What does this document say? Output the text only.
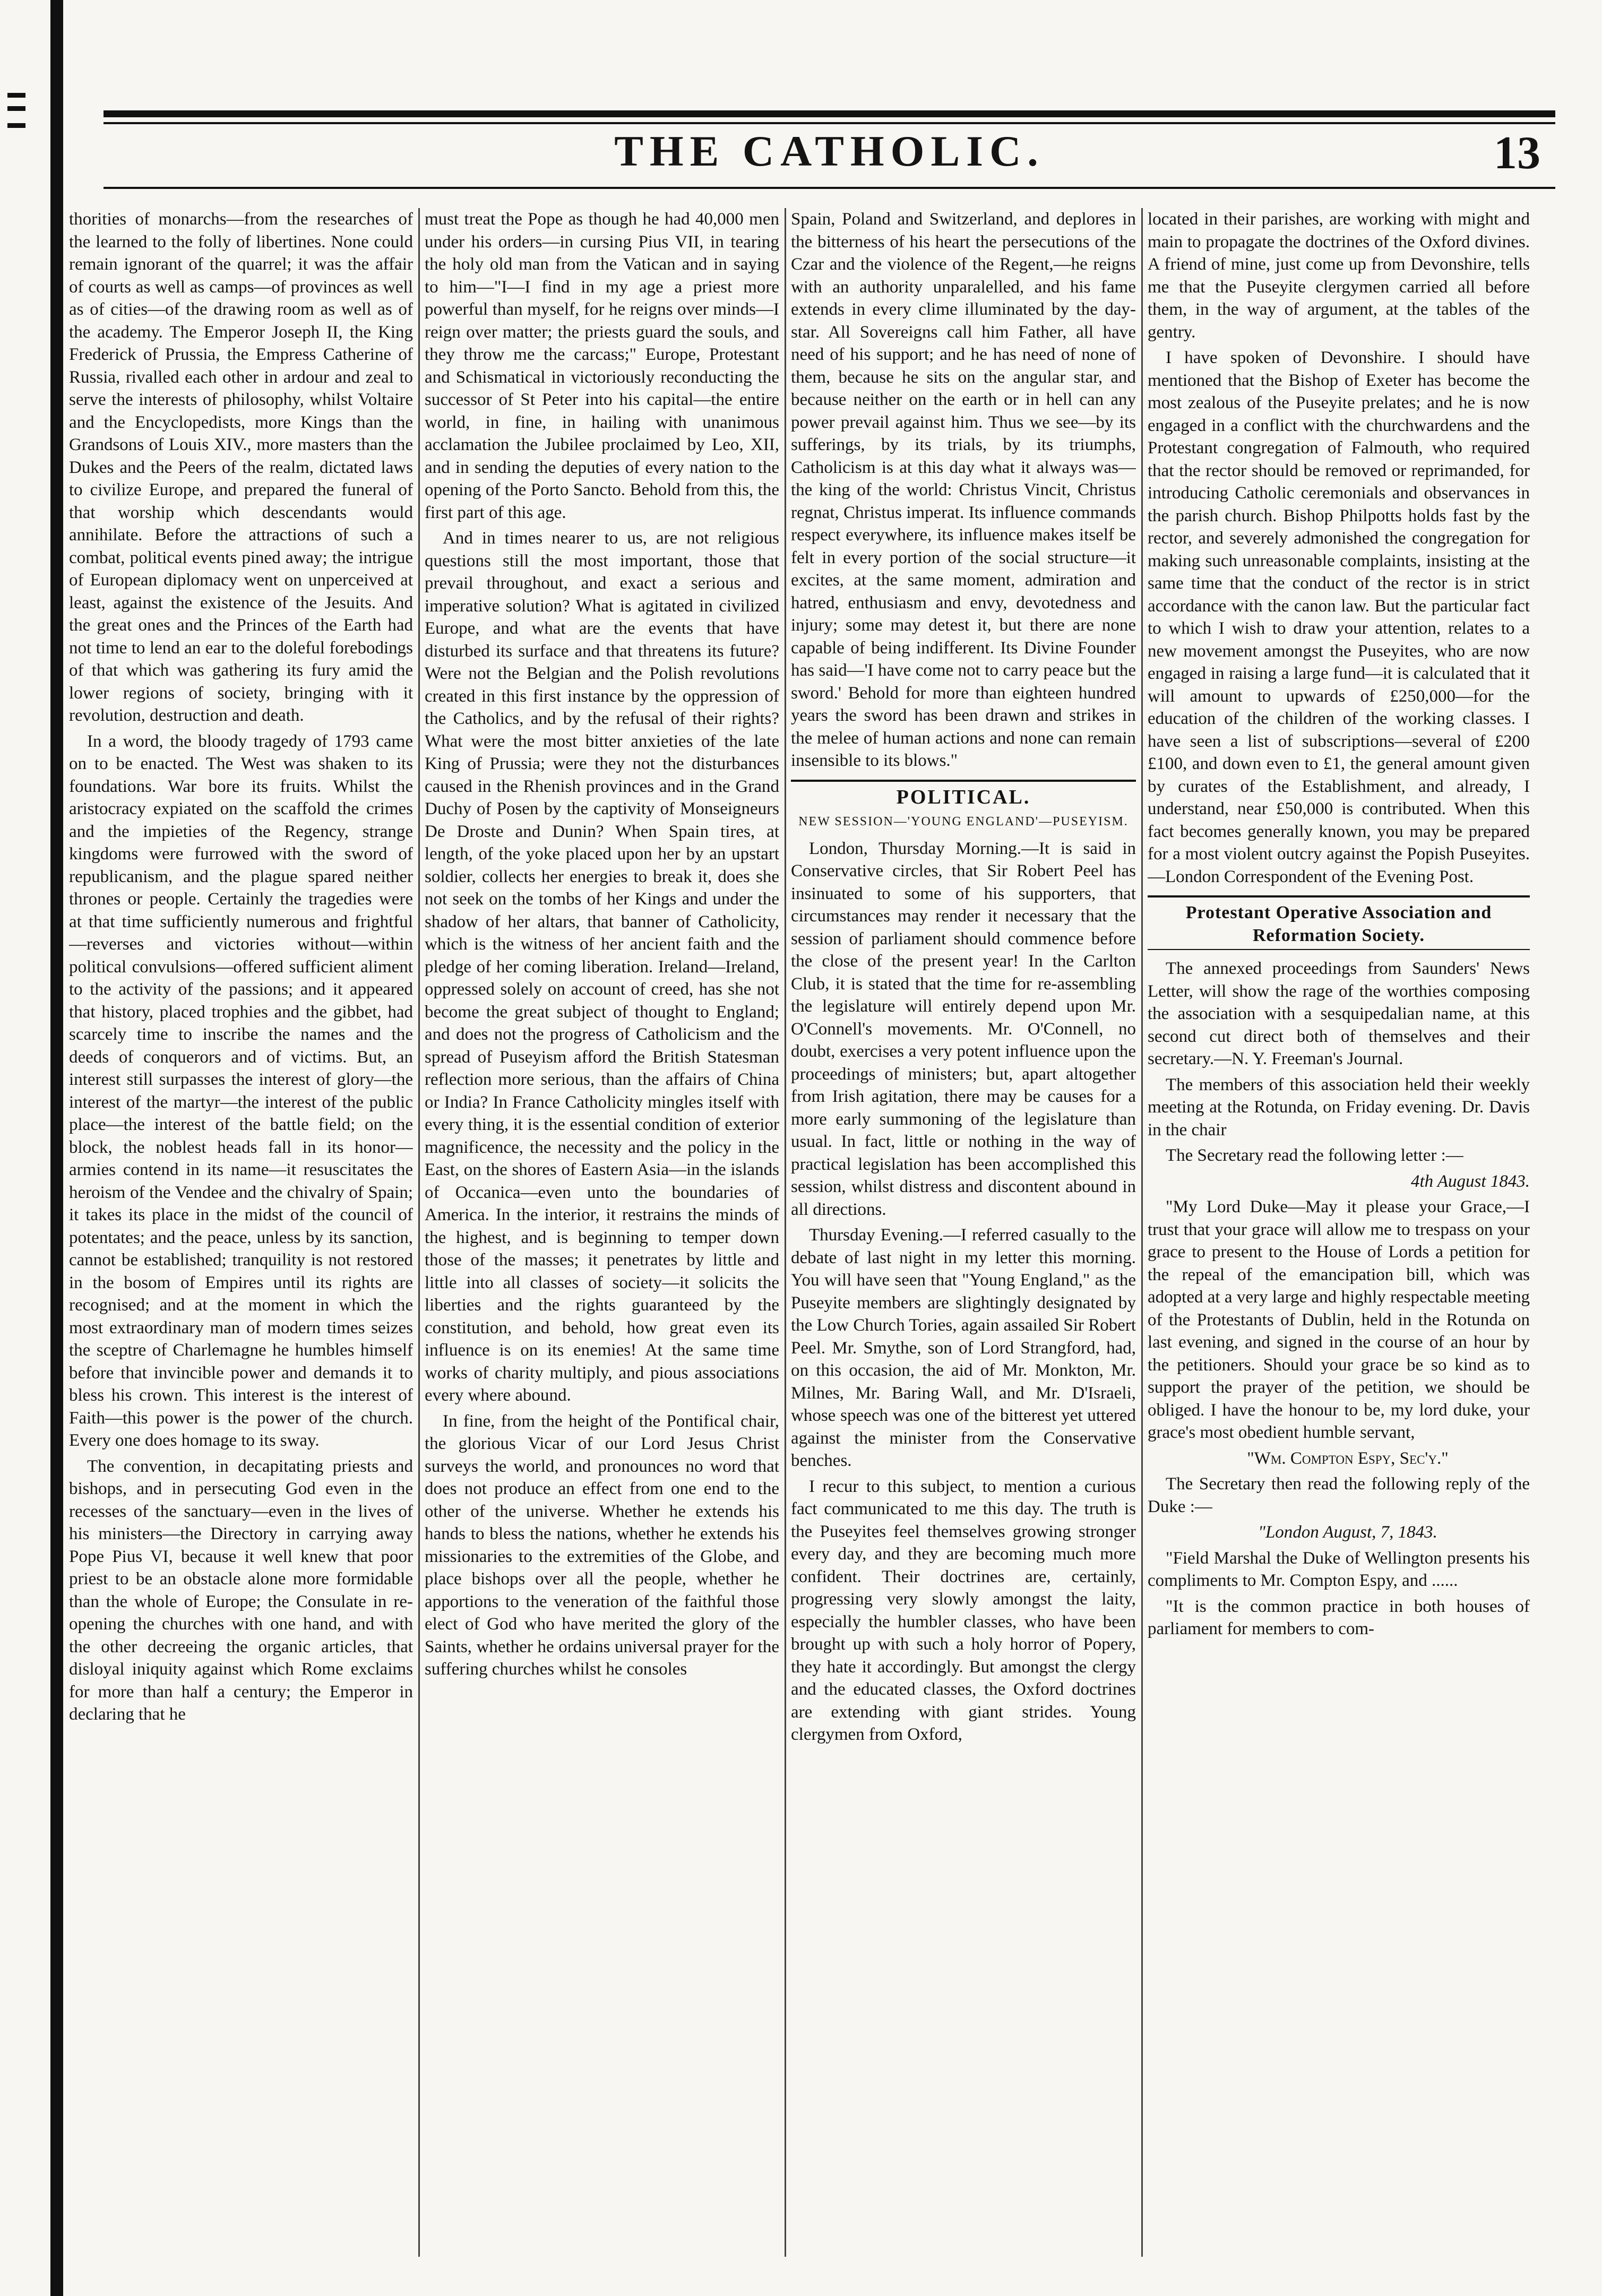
THE CATHOLIC.	13

thorities of monarchs—from the researches of the learned to the folly of libertines. None could remain ignorant of the quarrel; it was the affair of courts as well as camps—of provinces as well as of cities—of the drawing room as well as of the academy. The Emperor Joseph II, the King Frederick of Prussia, the Empress Catherine of Russia, rivalled each other in ardour and zeal to serve the interests of philosophy, whilst Voltaire and the Encyclopedists, more Kings than the Grandsons of Louis XIV., more masters than the Dukes and the Peers of the realm, dictated laws to civilize Europe, and prepared the funeral of that worship which descendants would annihilate. Before the attractions of such a combat, political events pined away; the intrigue of European diplomacy went on unperceived at least, against the existence of the Jesuits. And the great ones and the Princes of the Earth had not time to lend an ear to the doleful forebodings of that which was gathering its fury amid the lower regions of society, bringing with it revolution, destruction and death.

In a word, the bloody tragedy of 1793 came on to be enacted. The West was shaken to its foundations. War bore its fruits. Whilst the aristocracy expiated on the scaffold the crimes and the impieties of the Regency, strange kingdoms were furrowed with the sword of republicanism, and the plague spared neither thrones or people. Certainly the tragedies were at that time sufficiently numerous and frightful—reverses and victories without—within political convulsions—offered sufficient aliment to the activity of the passions; and it appeared that history, placed trophies and the gibbet, had scarcely time to inscribe the names and the deeds of conquerors and of victims. But, an interest still surpasses the interest of glory—the interest of the martyr—the interest of the public place—the interest of the battle field; on the block, the noblest heads fall in its honor—armies contend in its name—it resuscitates the heroism of the Vendee and the chivalry of Spain; it takes its place in the midst of the council of potentates; and the peace, unless by its sanction, cannot be established; tranquility is not restored in the bosom of Empires until its rights are recognised; and at the moment in which the most extraordinary man of modern times seizes the sceptre of Charlemagne he humbles himself before that invincible power and demands it to bless his crown. This interest is the interest of Faith—this power is the power of the church. Every one does homage to its sway.

The convention, in decapitating priests and bishops, and in persecuting God even in the recesses of the sanctuary—even in the lives of his ministers—the Directory in carrying away Pope Pius VI, because it well knew that poor priest to be an obstacle alone more formidable than the whole of Europe; the Consulate in re-opening the churches with one hand, and with the other decreeing the organic articles, that disloyal iniquity against which Rome exclaims for more than half a century; the Emperor in declaring that he

must treat the Pope as though he had 40,000 men under his orders—in cursing Pius VII, in tearing the holy old man from the Vatican and in saying to him—"I—I find in my age a priest more powerful than myself, for he reigns over minds—I reign over matter; the priests guard the souls, and they throw me the carcass;" Europe, Protestant and Schismatical in victoriously reconducting the successor of St Peter into his capital—the entire world, in fine, in hailing with unanimous acclamation the Jubilee proclaimed by Leo, XII, and in sending the deputies of every nation to the opening of the Porto Sancto. Behold from this, the first part of this age.

And in times nearer to us, are not religious questions still the most important, those that prevail throughout, and exact a serious and imperative solution? What is agitated in civilized Europe, and what are the events that have disturbed its surface and that threatens its future? Were not the Belgian and the Polish revolutions created in this first instance by the oppression of the Catholics, and by the refusal of their rights? What were the most bitter anxieties of the late King of Prussia; were they not the disturbances caused in the Rhenish provinces and in the Grand Duchy of Posen by the captivity of Monseigneurs De Droste and Dunin? When Spain tires, at length, of the yoke placed upon her by an upstart soldier, collects her energies to break it, does she not seek on the tombs of her Kings and under the shadow of her altars, that banner of Catholicity, which is the witness of her ancient faith and the pledge of her coming liberation. Ireland—Ireland, oppressed solely on account of creed, has she not become the great subject of thought to England; and does not the progress of Catholicism and the spread of Puseyism afford the British Statesman reflection more serious, than the affairs of China or India? In France Catholicity mingles itself with every thing, it is the essential condition of exterior magnificence, the necessity and the policy in the East, on the shores of Eastern Asia—in the islands of Occanica—even unto the boundaries of America. In the interior, it restrains the minds of the highest, and is beginning to temper down those of the masses; it penetrates by little and little into all classes of society—it solicits the liberties and the rights guaranteed by the constitution, and behold, how great even its influence is on its enemies! At the same time works of charity multiply, and pious associations every where abound.

In fine, from the height of the Pontifical chair, the glorious Vicar of our Lord Jesus Christ surveys the world, and pronounces no word that does not produce an effect from one end to the other of the universe. Whether he extends his hands to bless the nations, whether he extends his missionaries to the extremities of the Globe, and place bishops over all the people, whether he apportions to the veneration of the faithful those elect of God who have merited the glory of the Saints, whether he ordains universal prayer for the suffering churches whilst he consoles

Spain, Poland and Switzerland, and deplores in the bitterness of his heart the persecutions of the Czar and the violence of the Regent,—he reigns with an authority unparalelled, and his fame extends in every clime illuminated by the day-star. All Sovereigns call him Father, all have need of his support; and he has need of none of them, because he sits on the angular star, and because neither on the earth or in hell can any power prevail against him. Thus we see—by its sufferings, by its trials, by its triumphs, Catholicism is at this day what it always was—the king of the world: Christus Vincit, Christus regnat, Christus imperat. Its influence commands respect everywhere, its influence makes itself be felt in every portion of the social structure—it excites, at the same moment, admiration and hatred, enthusiasm and envy, devotedness and injury; some may detest it, but there are none capable of being indifferent. Its Divine Founder has said—'I have come not to carry peace but the sword.' Behold for more than eighteen hundred years the sword has been drawn and strikes in the melee of human actions and none can remain insensible to its blows."

POLITICAL.
NEW SESSION—'YOUNG ENGLAND'—PUSEYISM.

London, Thursday Morning.—It is said in Conservative circles, that Sir Robert Peel has insinuated to some of his supporters, that circumstances may render it necessary that the session of parliament should commence before the close of the present year! In the Carlton Club, it is stated that the time for re-assembling the legislature will entirely depend upon Mr. O'Connell's movements. Mr. O'Connell, no doubt, exercises a very potent influence upon the proceedings of ministers; but, apart altogether from Irish agitation, there may be causes for a more early summoning of the legislature than usual. In fact, little or nothing in the way of practical legislation has been accomplished this session, whilst distress and discontent abound in all directions.

Thursday Evening.—I referred casually to the debate of last night in my letter this morning. You will have seen that "Young England," as the Puseyite members are slightingly designated by the Low Church Tories, again assailed Sir Robert Peel. Mr. Smythe, son of Lord Strangford, had, on this occasion, the aid of Mr. Monkton, Mr. Milnes, Mr. Baring Wall, and Mr. D'Israeli, whose speech was one of the bitterest yet uttered against the minister from the Conservative benches.

I recur to this subject, to mention a curious fact communicated to me this day. The truth is the Puseyites feel themselves growing stronger every day, and they are becoming much more confident. Their doctrines are, certainly, progressing very slowly amongst the laity, especially the humbler classes, who have been brought up with such a holy horror of Popery, they hate it accordingly. But amongst the clergy and the educated classes, the Oxford doctrines are extending with giant strides. Young clergymen from Oxford,

located in their parishes, are working with might and main to propagate the doctrines of the Oxford divines. A friend of mine, just come up from Devonshire, tells me that the Puseyite clergymen carried all before them, in the way of argument, at the tables of the gentry.

I have spoken of Devonshire. I should have mentioned that the Bishop of Exeter has become the most zealous of the Puseyite prelates; and he is now engaged in a conflict with the churchwardens and the Protestant congregation of Falmouth, who required that the rector should be removed or reprimanded, for introducing Catholic ceremonials and observances in the parish church. Bishop Philpotts holds fast by the rector, and severely admonished the congregation for making such unreasonable complaints, insisting at the same time that the conduct of the rector is in strict accordance with the canon law. But the particular fact to which I wish to draw your attention, relates to a new movement amongst the Puseyites, who are now engaged in raising a large fund—it is calculated that it will amount to upwards of £250,000—for the education of the children of the working classes. I have seen a list of subscriptions—several of £200 £100, and down even to £1, the general amount given by curates of the Establishment, and already, I understand, near £50,000 is contributed. When this fact becomes generally known, you may be prepared for a most violent outcry against the Popish Puseyites.—London Correspondent of the Evening Post.

Protestant Operative Association and Reformation Society.

The annexed proceedings from Saunders' News Letter, will show the rage of the worthies composing the association with a sesquipedalian name, at this second cut direct both of themselves and their secretary.—N. Y. Freeman's Journal.

The members of this association held their weekly meeting at the Rotunda, on Friday evening. Dr. Davis in the chair

The Secretary read the following letter :—

4th August 1843.

"My Lord Duke—May it please your Grace,—I trust that your grace will allow me to trespass on your grace to present to the House of Lords a petition for the repeal of the emancipation bill, which was adopted at a very large and highly respectable meeting of the Protestants of Dublin, held in the Rotunda on last evening, and signed in the course of an hour by the petitioners. Should your grace be so kind as to support the prayer of the petition, we should be obliged. I have the honour to be, my lord duke, your grace's most obedient humble servant,

"Wm. Compton Espy, Sec'y."

The Secretary then read the following reply of the Duke :—

"London August, 7, 1843.

"Field Marshal the Duke of Wellington presents his compliments to Mr. Compton Espy, and ......

"It is the common practice in both houses of parliament for members to com-
